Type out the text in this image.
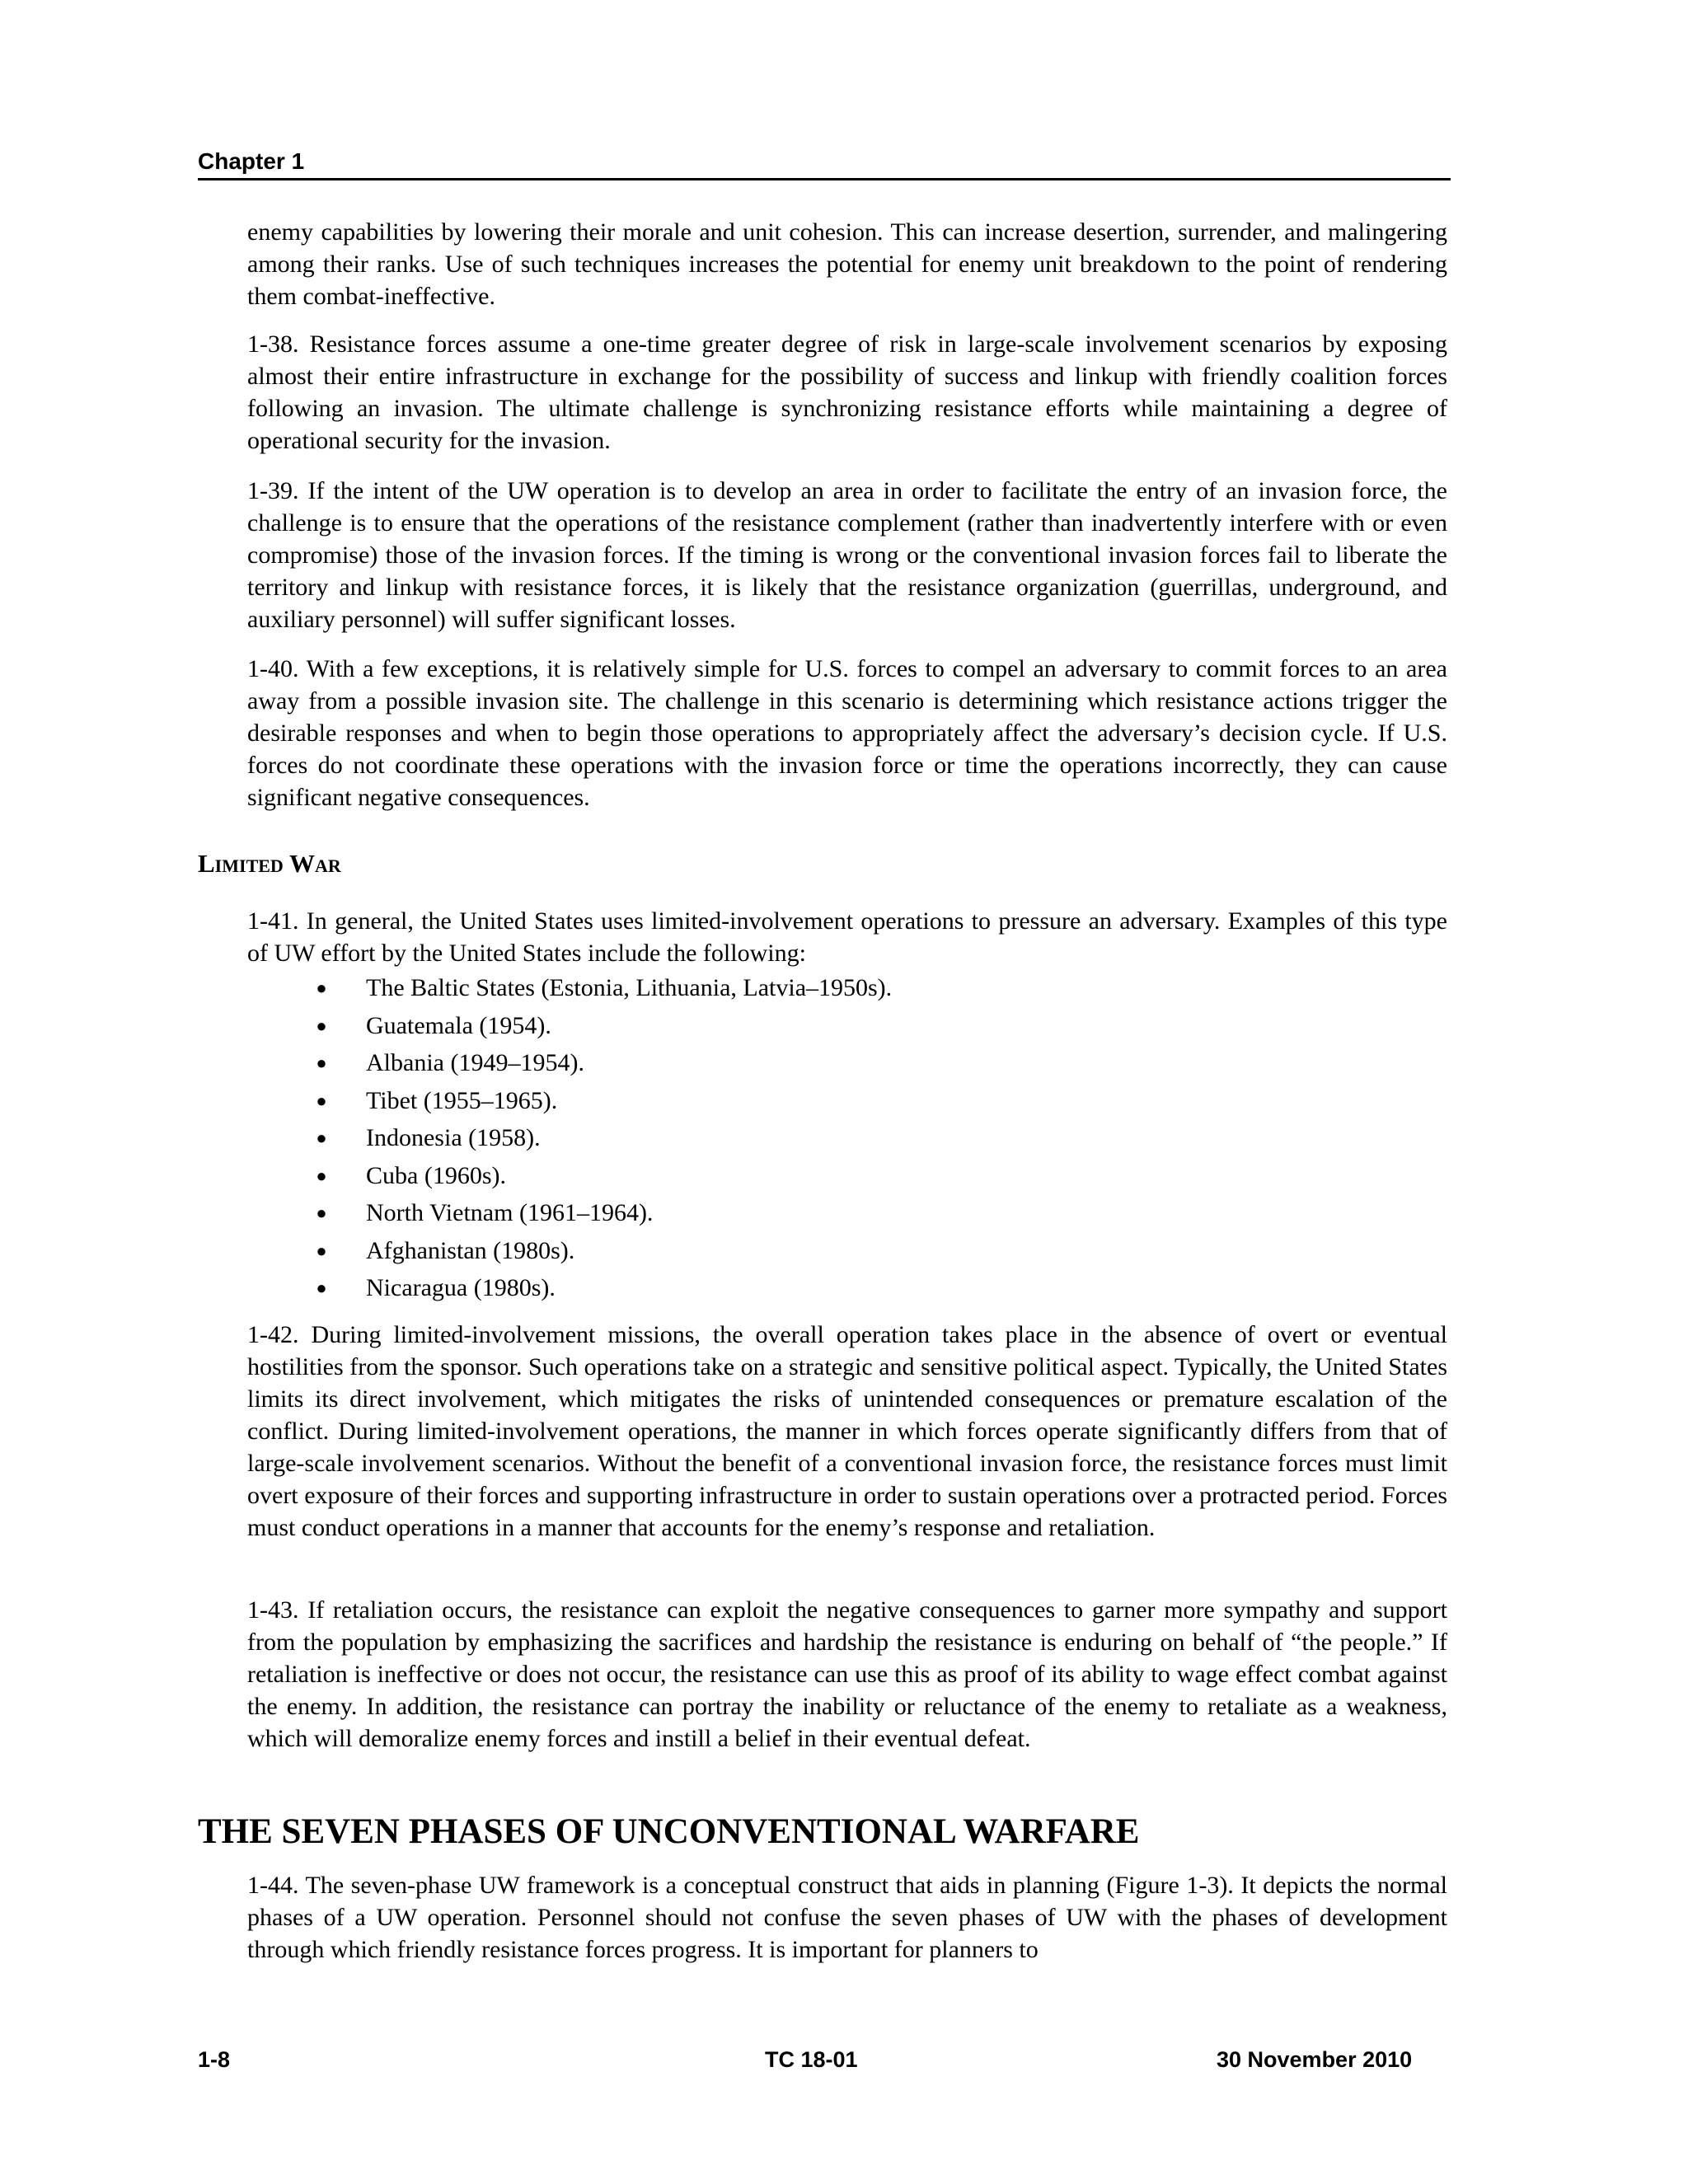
Chapter 1

enemy capabilities by lowering their morale and unit cohesion. This can increase desertion, surrender, and malingering among their ranks. Use of such techniques increases the potential for enemy unit breakdown to the point of rendering them combat-ineffective.

1-38. Resistance forces assume a one-time greater degree of risk in large-scale involvement scenarios by exposing almost their entire infrastructure in exchange for the possibility of success and linkup with friendly coalition forces following an invasion. The ultimate challenge is synchronizing resistance efforts while maintaining a degree of operational security for the invasion.

1-39. If the intent of the UW operation is to develop an area in order to facilitate the entry of an invasion force, the challenge is to ensure that the operations of the resistance complement (rather than inadvertently interfere with or even compromise) those of the invasion forces. If the timing is wrong or the conventional invasion forces fail to liberate the territory and linkup with resistance forces, it is likely that the resistance organization (guerrillas, underground, and auxiliary personnel) will suffer significant losses.

1-40. With a few exceptions, it is relatively simple for U.S. forces to compel an adversary to commit forces to an area away from a possible invasion site. The challenge in this scenario is determining which resistance actions trigger the desirable responses and when to begin those operations to appropriately affect the adversary’s decision cycle. If U.S. forces do not coordinate these operations with the invasion force or time the operations incorrectly, they can cause significant negative consequences.

Limited War

1-41. In general, the United States uses limited-involvement operations to pressure an adversary. Examples of this type of UW effort by the United States include the following:

● The Baltic States (Estonia, Lithuania, Latvia–1950s).
● Guatemala (1954).
● Albania (1949–1954).
● Tibet (1955–1965).
● Indonesia (1958).
● Cuba (1960s).
● North Vietnam (1961–1964).
● Afghanistan (1980s).
● Nicaragua (1980s).

1-42. During limited-involvement missions, the overall operation takes place in the absence of overt or eventual hostilities from the sponsor. Such operations take on a strategic and sensitive political aspect. Typically, the United States limits its direct involvement, which mitigates the risks of unintended consequences or premature escalation of the conflict. During limited-involvement operations, the manner in which forces operate significantly differs from that of large-scale involvement scenarios. Without the benefit of a conventional invasion force, the resistance forces must limit overt exposure of their forces and supporting infrastructure in order to sustain operations over a protracted period. Forces must conduct operations in a manner that accounts for the enemy’s response and retaliation.

1-43. If retaliation occurs, the resistance can exploit the negative consequences to garner more sympathy and support from the population by emphasizing the sacrifices and hardship the resistance is enduring on behalf of “the people.” If retaliation is ineffective or does not occur, the resistance can use this as proof of its ability to wage effect combat against the enemy. In addition, the resistance can portray the inability or reluctance of the enemy to retaliate as a weakness, which will demoralize enemy forces and instill a belief in their eventual defeat.

THE SEVEN PHASES OF UNCONVENTIONAL WARFARE

1-44. The seven-phase UW framework is a conceptual construct that aids in planning (Figure 1-3). It depicts the normal phases of a UW operation. Personnel should not confuse the seven phases of UW with the phases of development through which friendly resistance forces progress. It is important for planners to

1-8	TC 18-01	30 November 2010
